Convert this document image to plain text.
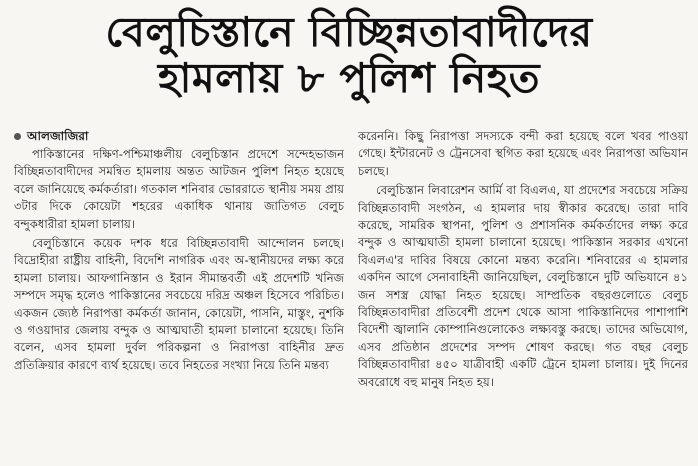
বেলুচিস্তানে বিচ্ছিন্নতাবাদীদের
হামলায় ৮ পুলিশ নিহত
আলজাজিরা

পাকিস্তানের দক্ষিণ-পশ্চিমাঞ্চলীয় বেলুচিস্তান প্রদেশে সন্দেহভাজন বিচ্ছিন্নতাবাদীদের সমন্বিত হামলায় অন্তত আটজন পুলিশ নিহত হয়েছে বলে জানিয়েছে কর্মকর্তারা। গতকাল শনিবার ভোররাতে স্থানীয় সময় প্রায় ৩টার দিকে কোয়েটা শহরের একাধিক থানায় জাতিগত বেলুচ বন্দুকধারীরা হামলা চালায়।

বেলুচিস্তানে কয়েক দশক ধরে বিচ্ছিন্নতাবাদী আন্দোলন চলছে। বিদ্রোহীরা রাষ্ট্রীয় বাহিনী, বিদেশি নাগরিক এবং অ-স্থানীয়দের লক্ষ্য করে হামলা চালায়। আফগানিস্তান ও ইরান সীমান্তবর্তী এই প্রদেশটি খনিজ সম্পদে সমৃদ্ধ হলেও পাকিস্তানের সবচেয়ে দরিদ্র অঞ্চল হিসেবে পরিচিত। একজন জ্যেষ্ঠ নিরাপত্তা কর্মকর্তা জানান, কোয়েটা, পাসনি, মাস্তুং, নুশকি ও গওয়াদার জেলায় বন্দুক ও আত্মঘাতী হামলা চালানো হয়েছে। তিনি বলেন, এসব হামলা দুর্বল পরিকল্পনা ও নিরাপত্তা বাহিনীর দ্রুত প্রতিক্রিয়ার কারণে ব্যর্থ হয়েছে। তবে নিহতের সংখ্যা নিয়ে তিনি মন্তব্য

করেননি। কিছু নিরাপত্তা সদস্যকে বন্দী করা হয়েছে বলে খবর পাওয়া গেছে। ইন্টারনেট ও ট্রেনসেবা স্থগিত করা হয়েছে এবং নিরাপত্তা অভিযান চলছে।

বেলুচিস্তান লিবারেশন আর্মি বা বিএলএ, যা প্রদেশের সবচেয়ে সক্রিয় বিচ্ছিন্নতাবাদী সংগঠন, এ হামলার দায় স্বীকার করেছে। তারা দাবি করেছে, সামরিক স্থাপনা, পুলিশ ও প্রশাসনিক কর্মকর্তাদের লক্ষ্য করে বন্দুক ও আত্মঘাতী হামলা চালানো হয়েছে। পাকিস্তান সরকার এখনো বিএলএ'র দাবির বিষয়ে কোনো মন্তব্য করেনি। শনিবারের এ হামলার একদিন আগে সেনাবাহিনী জানিয়েছিল, বেলুচিস্তানে দুটি অভিযানে ৪১ জন সশস্ত্র যোদ্ধা নিহত হয়েছে। সাম্প্রতিক বছরগুলোতে বেলুচ বিচ্ছিন্নতাবাদীরা প্রতিবেশী প্রদেশ থেকে আসা পাকিস্তানিদের পাশাপাশি বিদেশী জ্বালানি কোম্পানিগুলোকেও লক্ষ্যবস্তু করছে। তাদের অভিযোগ, এসব প্রতিষ্ঠান প্রদেশের সম্পদ শোষণ করছে। গত বছর বেলুচ বিচ্ছিন্নতাবাদীরা ৪৫০ যাত্রীবাহী একটি ট্রেনে হামলা চালায়। দুই দিনের অবরোধে বহু মানুষ নিহত হয়।
